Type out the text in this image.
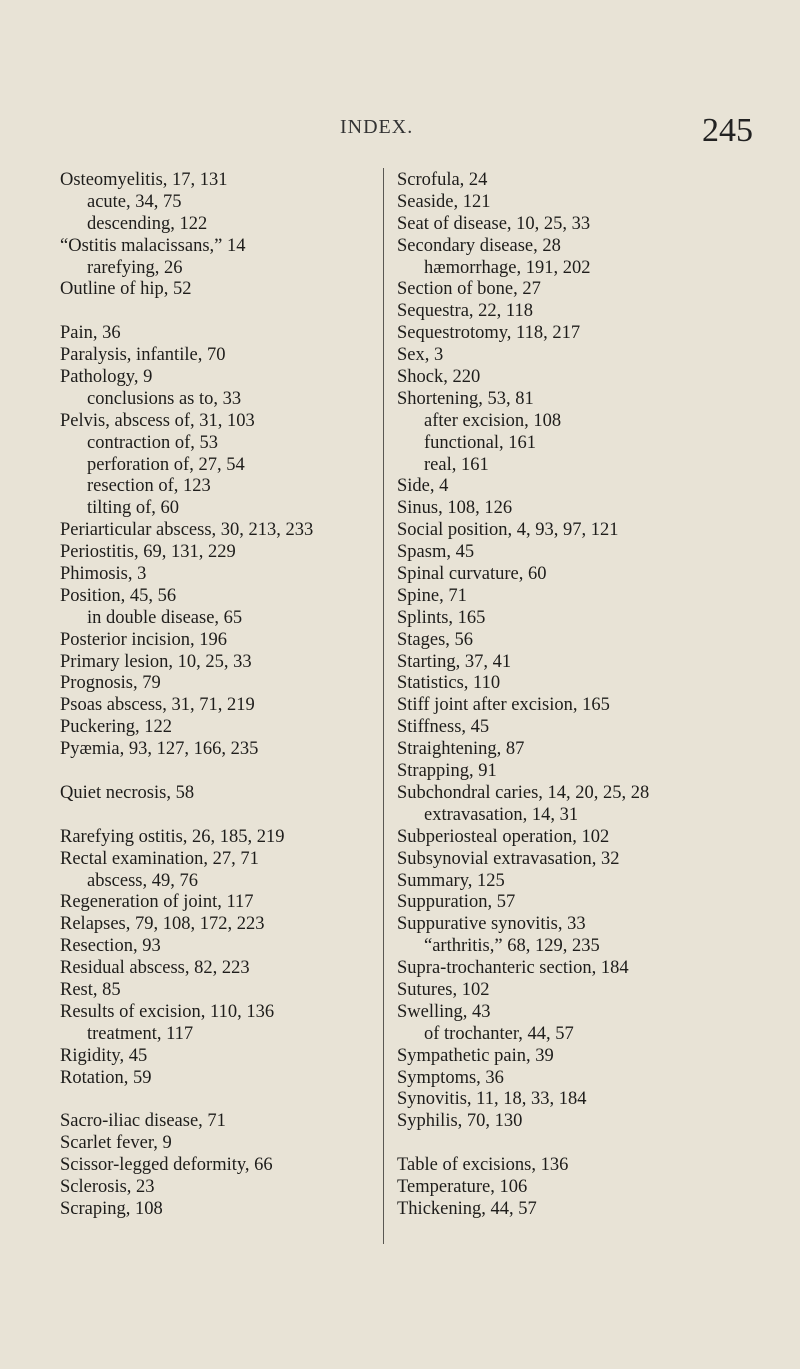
INDEX.	245
Osteomyelitis, 17, 131
acute, 34, 75
descending, 122
“Ostitis malacissans,” 14
rarefying, 26
Outline of hip, 52
Pain, 36
Paralysis, infantile, 70
Pathology, 9
conclusions as to, 33
Pelvis, abscess of, 31, 103
contraction of, 53
perforation of, 27, 54
resection of, 123
tilting of, 60
Periarticular abscess, 30, 213, 233
Periostitis, 69, 131, 229
Phimosis, 3
Position, 45, 56
in double disease, 65
Posterior incision, 196
Primary lesion, 10, 25, 33
Prognosis, 79
Psoas abscess, 31, 71, 219
Puckering, 122
Pyæmia, 93, 127, 166, 235
Quiet necrosis, 58
Rarefying ostitis, 26, 185, 219
Rectal examination, 27, 71
abscess, 49, 76
Regeneration of joint, 117
Relapses, 79, 108, 172, 223
Resection, 93
Residual abscess, 82, 223
Rest, 85
Results of excision, 110, 136
treatment, 117
Rigidity, 45
Rotation, 59
Sacro-iliac disease, 71
Scarlet fever, 9
Scissor-legged deformity, 66
Sclerosis, 23
Scraping, 108
Scrofula, 24
Seaside, 121
Seat of disease, 10, 25, 33
Secondary disease, 28
hæmorrhage, 191, 202
Section of bone, 27
Sequestra, 22, 118
Sequestrotomy, 118, 217
Sex, 3
Shock, 220
Shortening, 53, 81
after excision, 108
functional, 161
real, 161
Side, 4
Sinus, 108, 126
Social position, 4, 93, 97, 121
Spasm, 45
Spinal curvature, 60
Spine, 71
Splints, 165
Stages, 56
Starting, 37, 41
Statistics, 110
Stiff joint after excision, 165
Stiffness, 45
Straightening, 87
Strapping, 91
Subchondral caries, 14, 20, 25, 28
extravasation, 14, 31
Subperiosteal operation, 102
Subsynovial extravasation, 32
Summary, 125
Suppuration, 57
Suppurative synovitis, 33
“arthritis,” 68, 129, 235
Supra-trochanteric section, 184
Sutures, 102
Swelling, 43
of trochanter, 44, 57
Sympathetic pain, 39
Symptoms, 36
Synovitis, 11, 18, 33, 184
Syphilis, 70, 130
Table of excisions, 136
Temperature, 106
Thickening, 44, 57
